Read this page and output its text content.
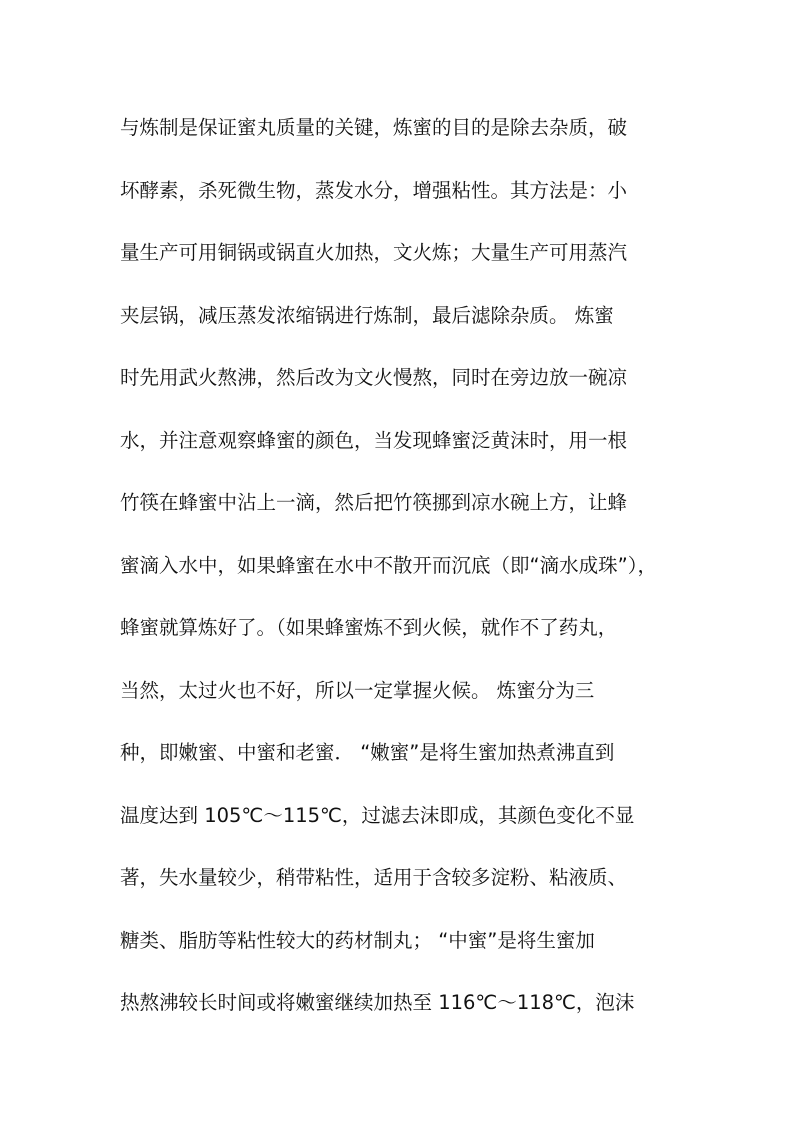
与炼制是保证蜜丸质量的关键，炼蜜的目的是除去杂质，破
坏酵素，杀死微生物，蒸发水分，增强粘性。其方法是：小
量生产可用铜锅或锅直火加热，文火炼；大量生产可用蒸汽
夹层锅，减压蒸发浓缩锅进行炼制，最后滤除杂质。 炼蜜
时先用武火熬沸，然后改为文火慢熬，同时在旁边放一碗凉
水，并注意观察蜂蜜的颜色，当发现蜂蜜泛黄沫时，用一根
竹筷在蜂蜜中沾上一滴，然后把竹筷挪到凉水碗上方，让蜂
蜜滴入水中，如果蜂蜜在水中不散开而沉底（即“滴水成珠”），
蜂蜜就算炼好了。（如果蜂蜜炼不到火候，就作不了药丸，
当然，太过火也不好，所以一定掌握火候。 炼蜜分为三
种，即嫩蜜、中蜜和老蜜． “嫩蜜”是将生蜜加热煮沸直到
温度达到 105℃～115℃，过滤去沫即成，其颜色变化不显
著，失水量较少，稍带粘性，适用于含较多淀粉、粘液质、
糖类、脂肪等粘性较大的药材制丸； “中蜜”是将生蜜加
热熬沸较长时间或将嫩蜜继续加热至 116℃～118℃，泡沫
